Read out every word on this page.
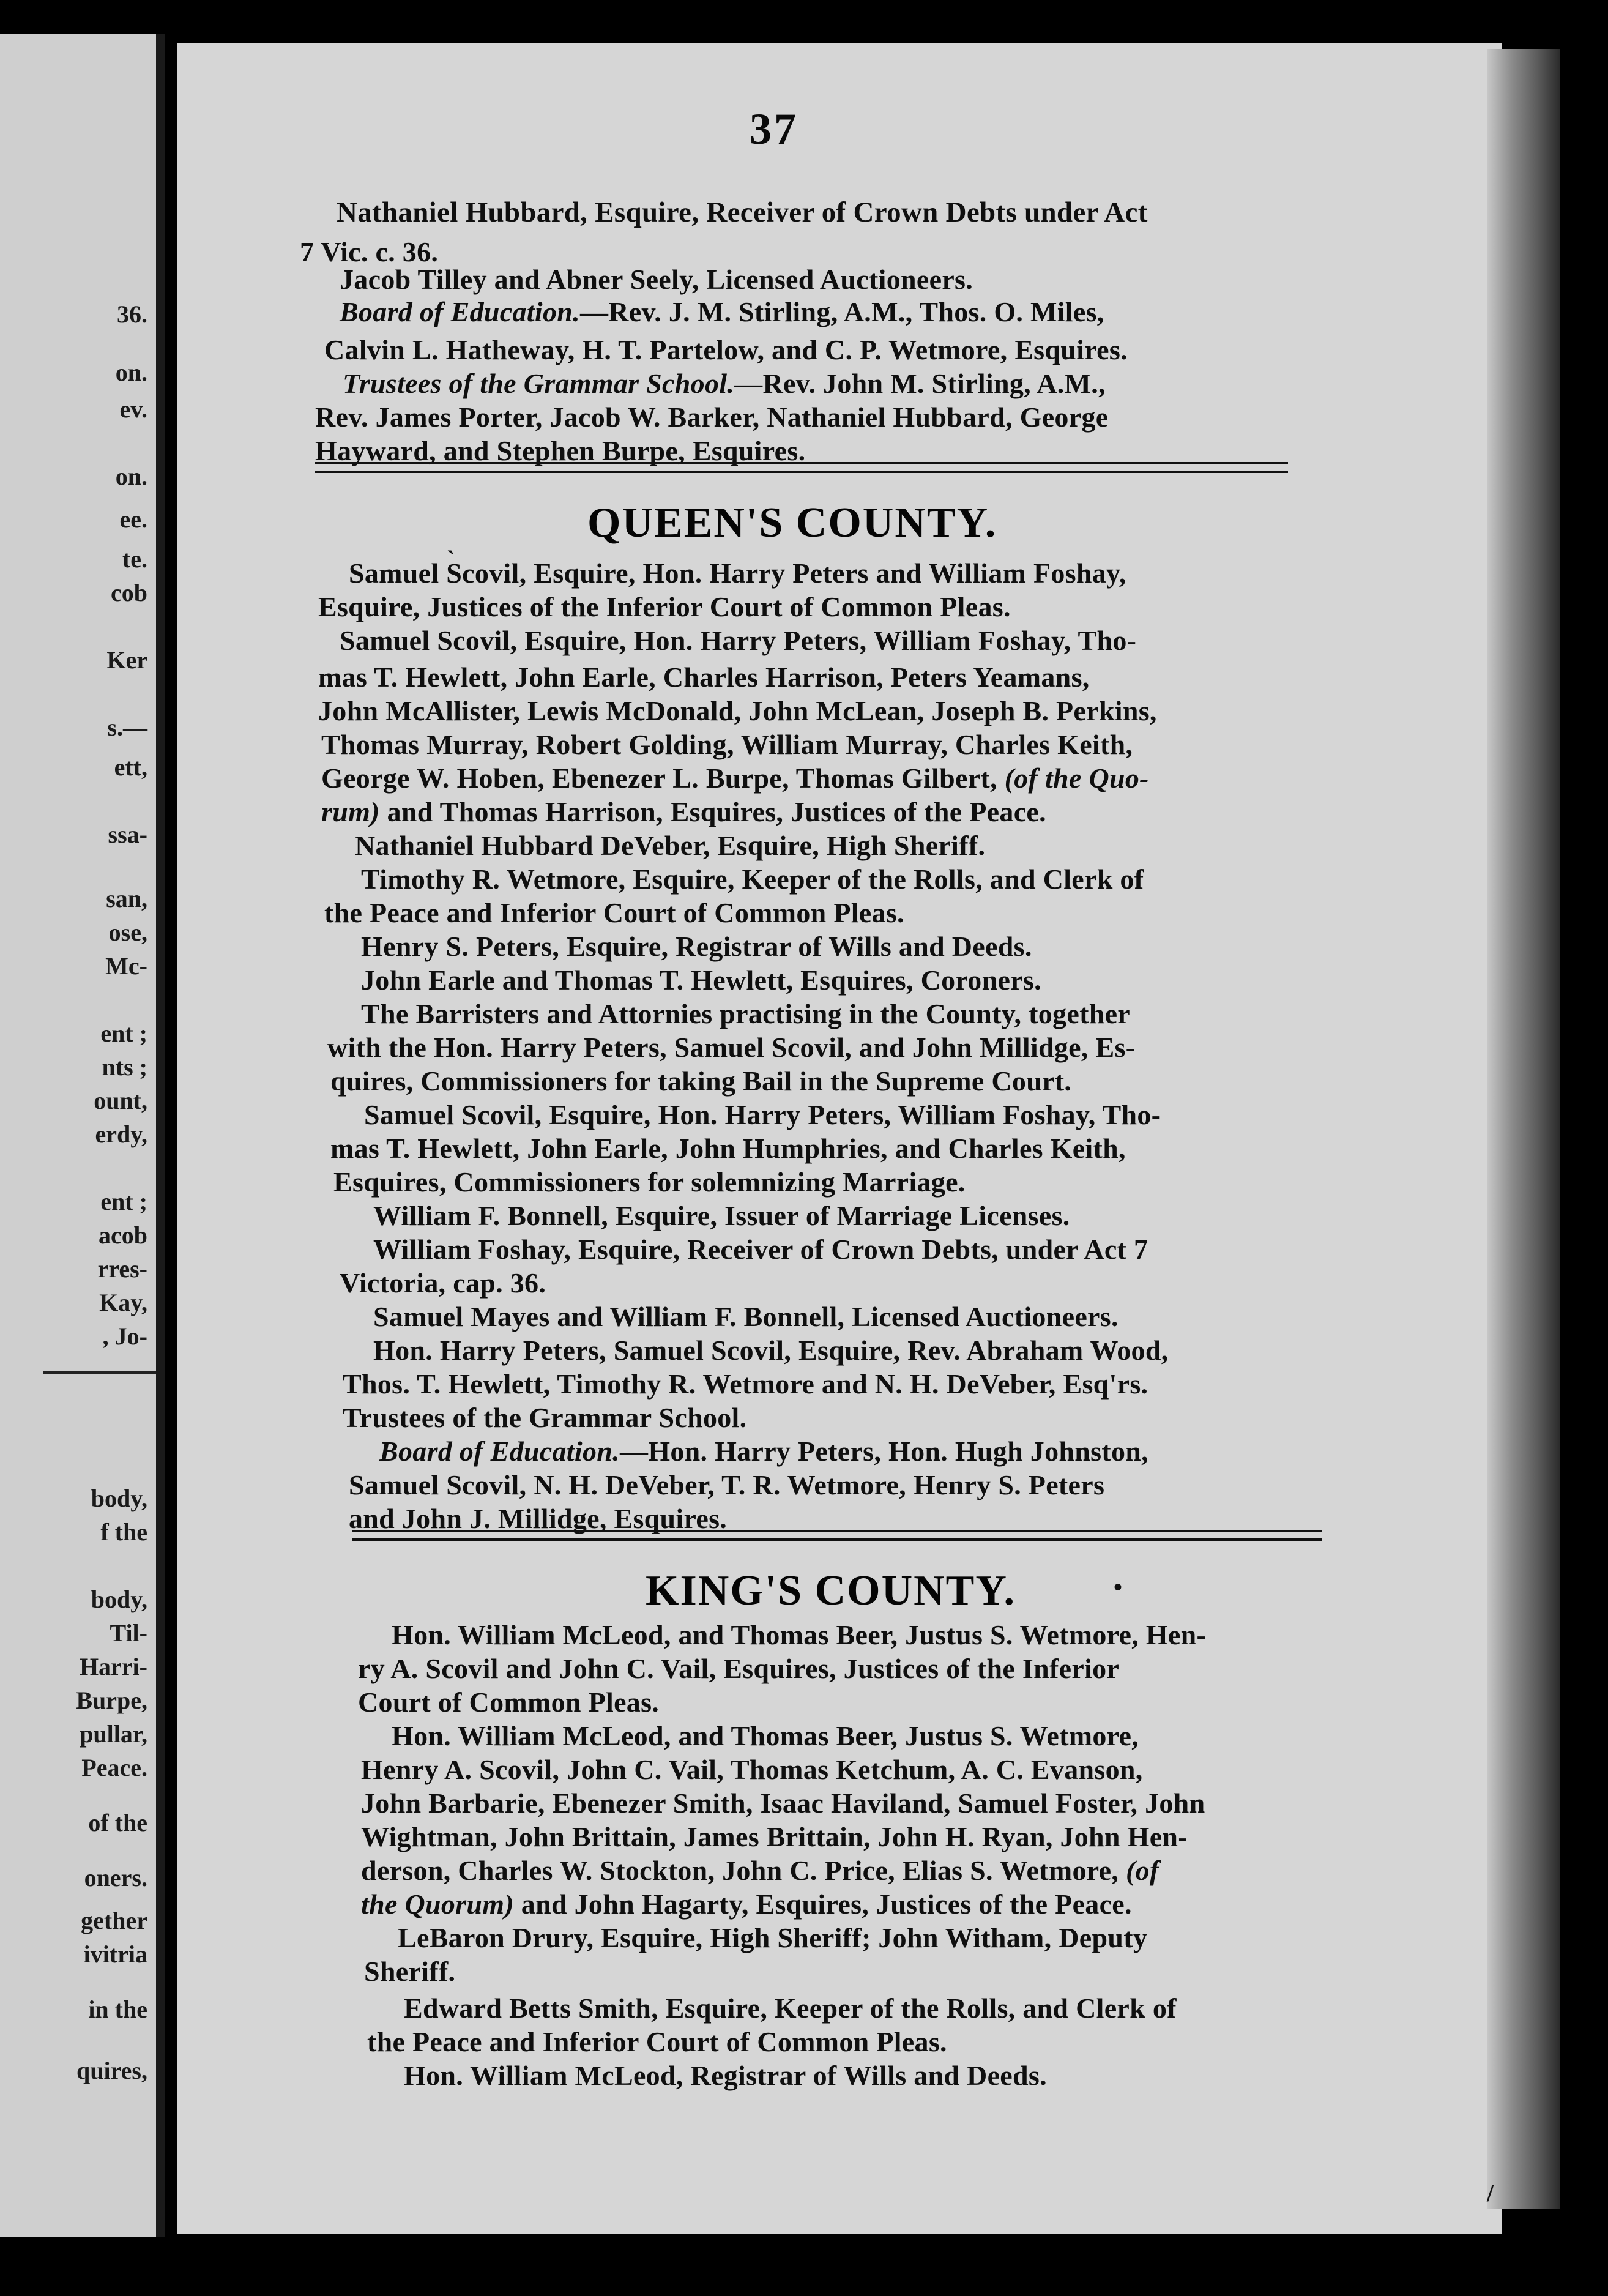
36.
on.
ev.
on.
ee.
te.
cob
Ker
s.—
ett,
ssa-
san,
ose,
Mc-
ent ;
nts ;
ount,
erdy,
ent ;
acob
rres-
Kay,
, Jo-
body,
f the
body,
Til-
Harri-
Burpe,
pullar,
Peace.
of the
oners.
gether
ivitria
in the
quires,
37
Nathaniel Hubbard, Esquire, Receiver of Crown Debts under Act
7 Vic. c. 36.
Jacob Tilley and Abner Seely, Licensed Auctioneers.
Board of Education.—Rev. J. M. Stirling, A.M., Thos. O. Miles,
Calvin L. Hatheway, H. T. Partelow, and C. P. Wetmore, Esquires.
Trustees of the Grammar School.—Rev. John M. Stirling, A.M.,
Rev. James Porter, Jacob W. Barker, Nathaniel Hubbard, George
Hayward, and Stephen Burpe, Esquires.
ˎ	QUEEN'S COUNTY.
Samuel Scovil, Esquire, Hon. Harry Peters and William Foshay,
Esquire, Justices of the Inferior Court of Common Pleas.
Samuel Scovil, Esquire, Hon. Harry Peters, William Foshay, Tho-
mas T. Hewlett, John Earle, Charles Harrison, Peters Yeamans,
John McAllister, Lewis McDonald, John McLean, Joseph B. Perkins,
Thomas Murray, Robert Golding, William Murray, Charles Keith,
George W. Hoben, Ebenezer L. Burpe, Thomas Gilbert, (of the Quo-
rum) and Thomas Harrison, Esquires, Justices of the Peace.
Nathaniel Hubbard DeVeber, Esquire, High Sheriff.
Timothy R. Wetmore, Esquire, Keeper of the Rolls, and Clerk of
the Peace and Inferior Court of Common Pleas.
Henry S. Peters, Esquire, Registrar of Wills and Deeds.
John Earle and Thomas T. Hewlett, Esquires, Coroners.
The Barristers and Attornies practising in the County, together
with the Hon. Harry Peters, Samuel Scovil, and John Millidge, Es-
quires, Commissioners for taking Bail in the Supreme Court.
Samuel Scovil, Esquire, Hon. Harry Peters, William Foshay, Tho-
mas T. Hewlett, John Earle, John Humphries, and Charles Keith,
Esquires, Commissioners for solemnizing Marriage.
William F. Bonnell, Esquire, Issuer of Marriage Licenses.
William Foshay, Esquire, Receiver of Crown Debts, under Act 7
Victoria, cap. 36.
Samuel Mayes and William F. Bonnell, Licensed Auctioneers.
Hon. Harry Peters, Samuel Scovil, Esquire, Rev. Abraham Wood,
Thos. T. Hewlett, Timothy R. Wetmore and N. H. DeVeber, Esq'rs.
Trustees of the Grammar School.
Board of Education.—Hon. Harry Peters, Hon. Hugh Johnston,
Samuel Scovil, N. H. DeVeber, T. R. Wetmore, Henry S. Peters
and John J. Millidge, Esquires.
KING'S COUNTY.	•
Hon. William McLeod, and Thomas Beer, Justus S. Wetmore, Hen-
ry A. Scovil and John C. Vail, Esquires, Justices of the Inferior
Court of Common Pleas.
Hon. William McLeod, and Thomas Beer, Justus S. Wetmore,
Henry A. Scovil, John C. Vail, Thomas Ketchum, A. C. Evanson,
John Barbarie, Ebenezer Smith, Isaac Haviland, Samuel Foster, John
Wightman, John Brittain, James Brittain, John H. Ryan, John Hen-
derson, Charles W. Stockton, John C. Price, Elias S. Wetmore, (of
the Quorum) and John Hagarty, Esquires, Justices of the Peace.
LeBaron Drury, Esquire, High Sheriff; John Witham, Deputy
Sheriff.
Edward Betts Smith, Esquire, Keeper of the Rolls, and Clerk of
the Peace and Inferior Court of Common Pleas.
Hon. William McLeod, Registrar of Wills and Deeds.
/
